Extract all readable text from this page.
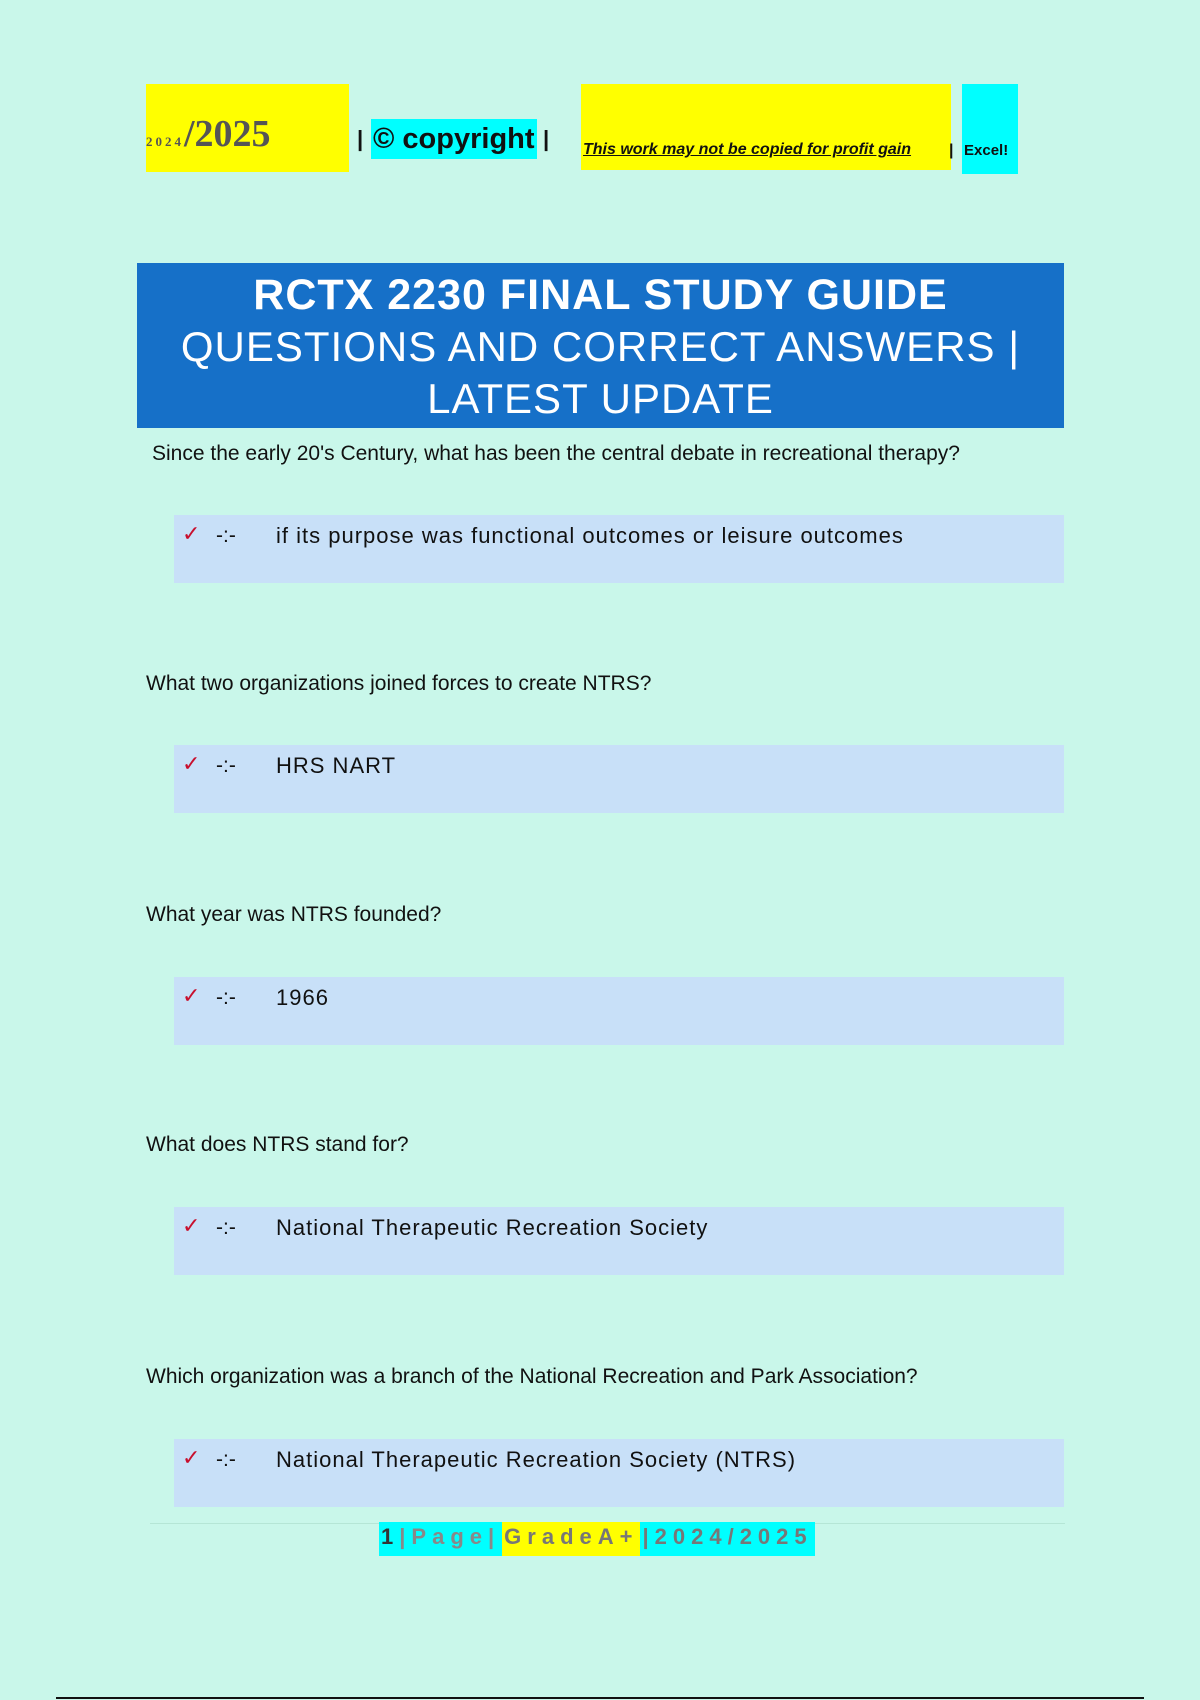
2024/2025	| © copyright | This work may not be copied for profit gain | Excel!
RCTX 2230 FINAL STUDY GUIDE
QUESTIONS AND CORRECT ANSWERS |
LATEST UPDATE
Since the early 20's Century, what has been the central debate in recreational therapy?
✓ -:- if its purpose was functional outcomes or leisure outcomes
What two organizations joined forces to create NTRS?
✓ -:- HRS NART
What year was NTRS founded?
✓ -:- 1966
What does NTRS stand for?
✓ -:- National Therapeutic Recreation Society
Which organization was a branch of the National Recreation and Park Association?
✓ -:- National Therapeutic Recreation Society (NTRS)
1|Page| GradeA+ |2024/2025
